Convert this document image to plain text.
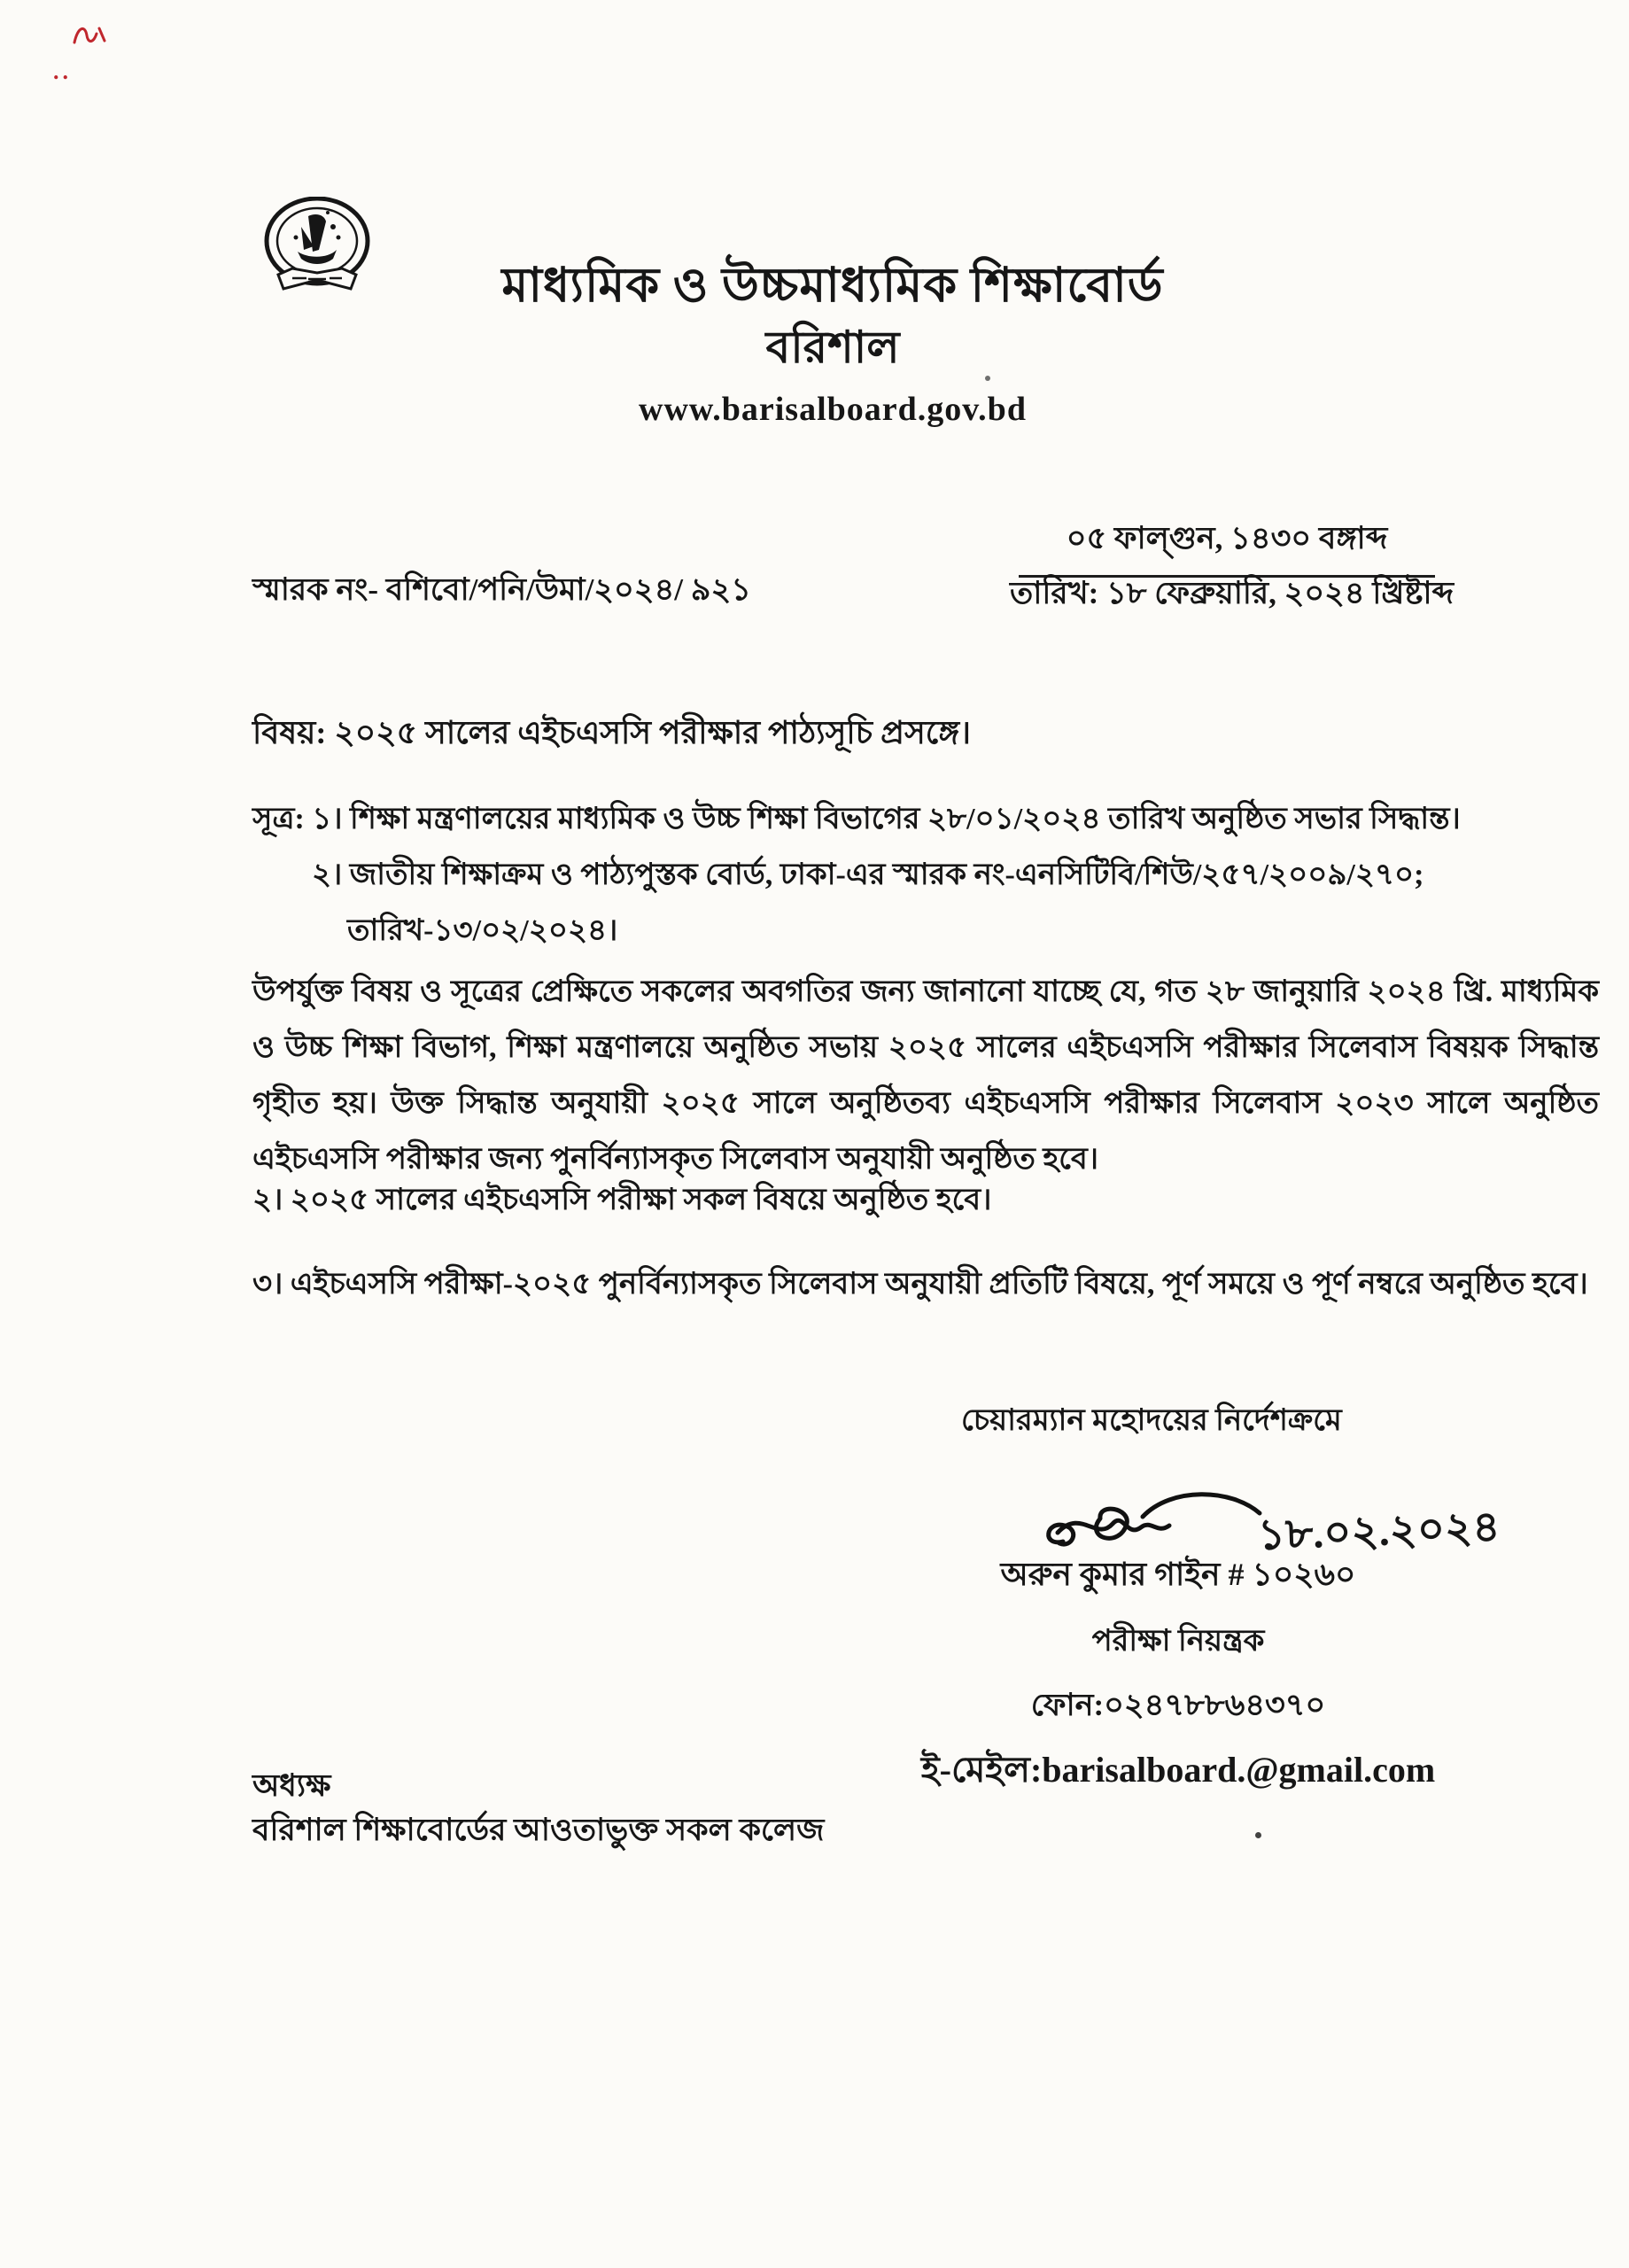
..
মাধ্যমিক ও উচ্চমাধ্যমিক শিক্ষাবোর্ড
বরিশাল
www.barisalboard.gov.bd
স্মারক নং- বশিবো/পনি/উমা/২০২৪/ ৯২১
০৫ ফাল্গুন, ১৪৩০ বঙ্গাব্দ
তারিখ: ১৮ ফেব্রুয়ারি, ২০২৪ খ্রিষ্টাব্দ
বিষয়: ২০২৫ সালের এইচএসসি পরীক্ষার পাঠ্যসূচি প্রসঙ্গে।
সূত্র: ১। শিক্ষা মন্ত্রণালয়ের মাধ্যমিক ও উচ্চ শিক্ষা বিভাগের ২৮/০১/২০২৪ তারিখ অনুষ্ঠিত সভার সিদ্ধান্ত।
২। জাতীয় শিক্ষাক্রম ও পাঠ্যপুস্তক বোর্ড, ঢাকা-এর স্মারক নং-এনসিটিবি/শিউ/২৫৭/২০০৯/২৭০;
তারিখ-১৩/০২/২০২৪।
উপর্যুক্ত বিষয় ও সূত্রের প্রেক্ষিতে সকলের অবগতির জন্য জানানো যাচ্ছে যে, গত ২৮ জানুয়ারি ২০২৪ খ্রি. মাধ্যমিক ও উচ্চ শিক্ষা বিভাগ, শিক্ষা মন্ত্রণালয়ে অনুষ্ঠিত সভায় ২০২৫ সালের এইচএসসি পরীক্ষার সিলেবাস বিষয়ক সিদ্ধান্ত গৃহীত হয়। উক্ত সিদ্ধান্ত অনুযায়ী ২০২৫ সালে অনুষ্ঠিতব্য এইচএসসি পরীক্ষার সিলেবাস ২০২৩ সালে অনুষ্ঠিত এইচএসসি পরীক্ষার জন্য পুনর্বিন্যাসকৃত সিলেবাস অনুযায়ী অনুষ্ঠিত হবে।
২। ২০২৫ সালের এইচএসসি পরীক্ষা সকল বিষয়ে অনুষ্ঠিত হবে।
৩। এইচএসসি পরীক্ষা-২০২৫ পুনর্বিন্যাসকৃত সিলেবাস অনুযায়ী প্রতিটি বিষয়ে, পূর্ণ সময়ে ও পূর্ণ নম্বরে অনুষ্ঠিত হবে।
চেয়ারম্যান মহোদয়ের নির্দেশক্রমে
১৮.০২.২০২৪
অরুন কুমার গাইন # ১০২৬০
পরীক্ষা নিয়ন্ত্রক
ফোন:০২৪৭৮৮৬৪৩৭০
ই-মেইল:barisalboard.@gmail.com
অধ্যক্ষ
বরিশাল শিক্ষাবোর্ডের আওতাভুক্ত সকল কলেজ
